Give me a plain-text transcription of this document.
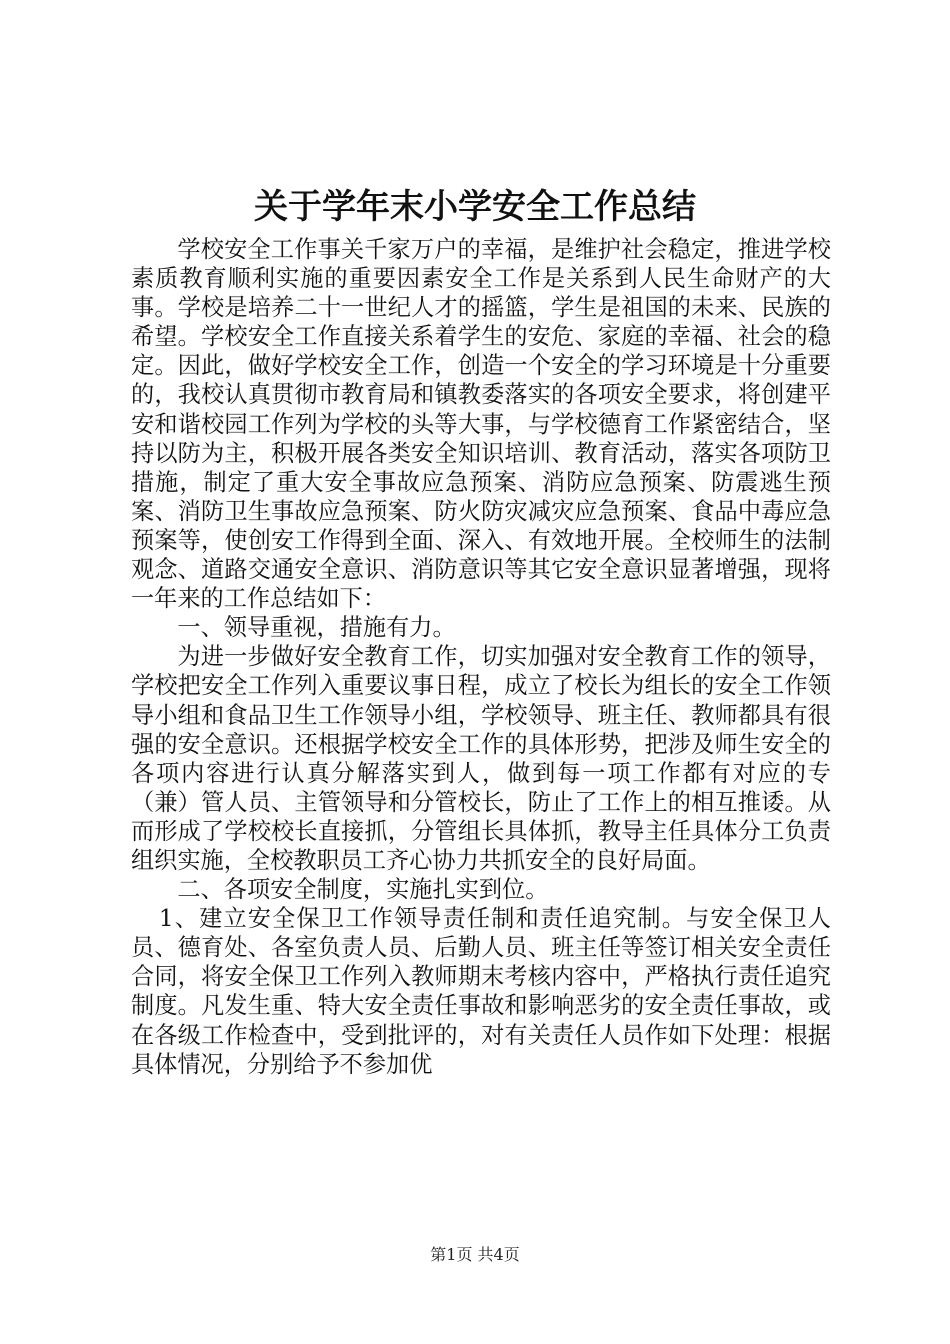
关于学年末小学安全工作总结

学校安全工作事关千家万户的幸福，是维护社会稳定，推进学校素质教育顺利实施的重要因素安全工作是关系到人民生命财产的大事。学校是培养二十一世纪人才的摇篮，学生是祖国的未来、民族的希望。学校安全工作直接关系着学生的安危、家庭的幸福、社会的稳定。因此，做好学校安全工作，创造一个安全的学习环境是十分重要的，我校认真贯彻市教育局和镇教委落实的各项安全要求，将创建平安和谐校园工作列为学校的头等大事，与学校德育工作紧密结合，坚持以防为主，积极开展各类安全知识培训、教育活动，落实各项防卫措施，制定了重大安全事故应急预案、消防应急预案、防震逃生预案、消防卫生事故应急预案、防火防灾减灾应急预案、食品中毒应急预案等，使创安工作得到全面、深入、有效地开展。全校师生的法制观念、道路交通安全意识、消防意识等其它安全意识显著增强，现将一年来的工作总结如下：

一、领导重视，措施有力。

为进一步做好安全教育工作，切实加强对安全教育工作的领导，学校把安全工作列入重要议事日程，成立了校长为组长的安全工作领导小组和食品卫生工作领导小组，学校领导、班主任、教师都具有很强的安全意识。还根据学校安全工作的具体形势，把涉及师生安全的各项内容进行认真分解落实到人，做到每一项工作都有对应的专（兼）管人员、主管领导和分管校长，防止了工作上的相互推诿。从而形成了学校校长直接抓，分管组长具体抓，教导主任具体分工负责组织实施，全校教职员工齐心协力共抓安全的良好局面。

二、各项安全制度，实施扎实到位。

1、建立安全保卫工作领导责任制和责任追究制。与安全保卫人员、德育处、各室负责人员、后勤人员、班主任等签订相关安全责任合同，将安全保卫工作列入教师期末考核内容中，严格执行责任追究制度。凡发生重、特大安全责任事故和影响恶劣的安全责任事故，或在各级工作检查中，受到批评的，对有关责任人员作如下处理：根据具体情况，分别给予不参加优

第1页 共4页
